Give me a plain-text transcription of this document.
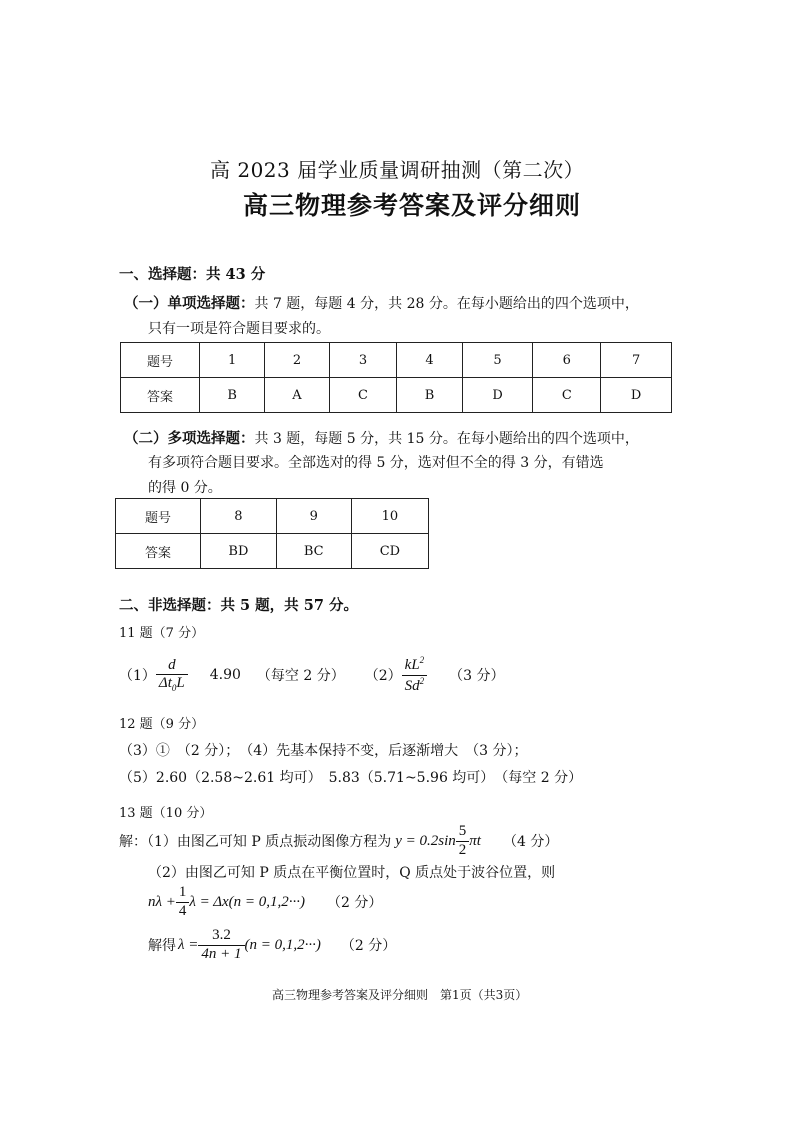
高 2023 届学业质量调研抽测（第二次）
高三物理参考答案及评分细则
一、选择题：共 43 分
（一）单项选择题：共 7 题，每题 4 分，共 28 分。在每小题给出的四个选项中，
只有一项是符合题目要求的。
题号	1	2	3	4	5	6	7
答案	B	A	C	B	D	C	D
（二）多项选择题：共 3 题，每题 5 分，共 15 分。在每小题给出的四个选项中，
有多项符合题目要求。全部选对的得 5 分，选对但不全的得 3 分，有错选
的得 0 分。
题号	8	9	10
答案	BD	BC	CD
二、非选择题：共 5 题，共 57 分。
11 题（7 分）
$(1) \frac{d}{\Delta t_0L} 4.90$ （每空 2 分） $(2) \frac{kL^2}{Sd^2} (3$ 分）
12 题（9 分）
（3）①　（2 分）；　（4）先基本保持不变，后逐渐增大　（3 分）；
（5）2.60（2.58~2.61 均可）　5.83（5.71~5.96 均可）　（每空 2 分）
13 题（10 分）
解：（1）由图乙可知 P 质点振动图像方程为 $y = 0.2\sin \frac{5}{2}$ πt （4 分）
（2）由图乙可知 P 质点在平衡位置时，Q 质点处于波谷位置，则
$n\lambda + \frac{1}{4}$ λ = Δx(n = 0,1,2···) （2 分）
解得 $\lambda = \frac{3.2}{4n + 1} (n = 0,1,2\cdot\cdot\cdot)$ （2 分）
高三物理参考答案及评分细则　第1页（共3页）
